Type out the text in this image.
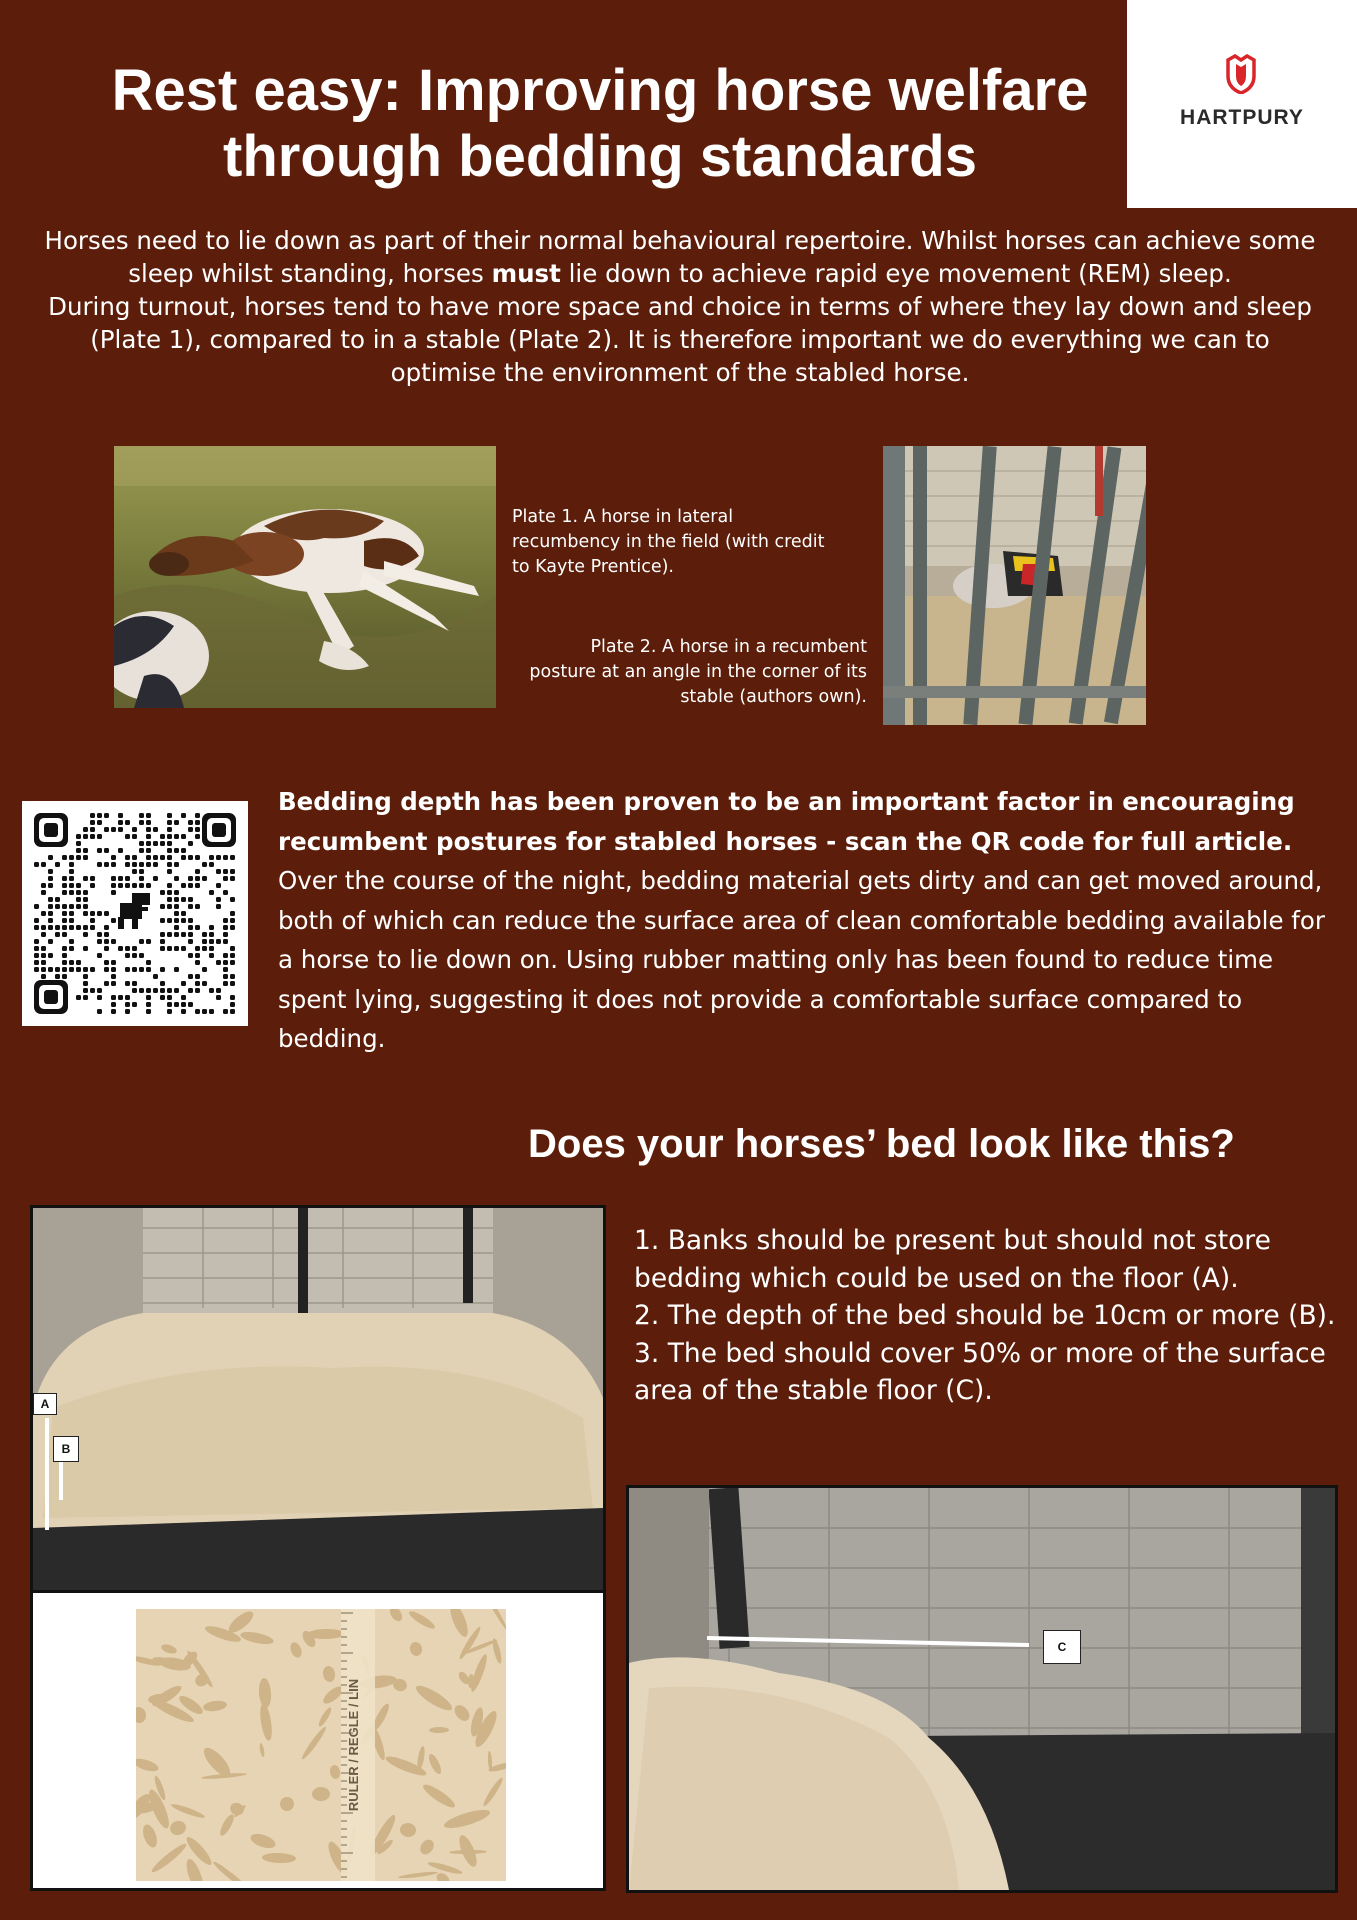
HARTPURY
Rest easy: Improving horse welfare
through bedding standards

Horses need to lie down as part of their normal behavioural repertoire. Whilst horses can achieve some sleep whilst standing, horses must lie down to achieve rapid eye movement (REM) sleep.

During turnout, horses tend to have more space and choice in terms of where they lay down and sleep (Plate 1), compared to in a stable (Plate 2). It is therefore important we do everything we can to optimise the environment of the stabled horse.

Plate 1. A horse in lateral recumbency in the field (with credit to Kayte Prentice).
Plate 2. A horse in a recumbent posture at an angle in the corner of its stable (authors own).
Bedding depth has been proven to be an important factor in encouraging recumbent postures for stabled horses - scan the QR code for full article. Over the course of the night, bedding material gets dirty and can get moved around, both of which can reduce the surface area of clean comfortable bedding available for a horse to lie down on. Using rubber matting only has been found to reduce time spent lying, suggesting it does not provide a comfortable surface compared to bedding.
Does your horses’ bed look like this?
A
B
RULER / REGLE / LIN

1. Banks should be present but should not store bedding which could be used on the floor (A).

2. The depth of the bed should be 10cm or more (B).

3. The bed should cover 50% or more of the surface area of the stable floor (C).

C
